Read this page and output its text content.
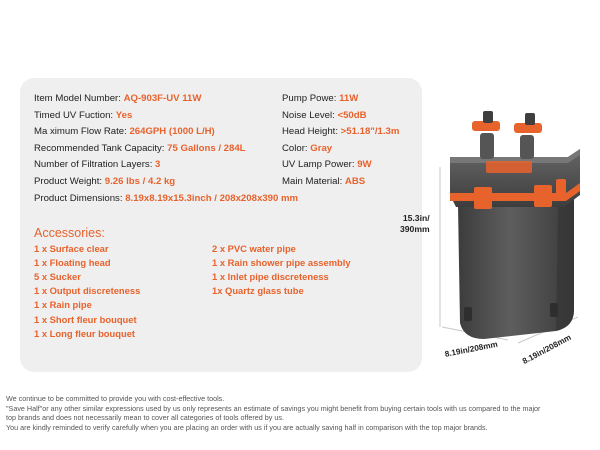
Item Model Number: AQ-903F-UV 11W
Timed UV Fuction: Yes
Ma ximum Flow Rate: 264GPH (1000 L/H)
Recommended Tank Capacity: 75 Gallons / 284L
Number of Filtration Layers: 3
Product Weight: 9.26 lbs / 4.2 kg
Product Dimensions: 8.19x8.19x15.3inch / 208x208x390 mm
Pump Powe: 11W
Noise Level: <50dB
Head Height: >51.18"/1.3m
Color: Gray
UV Lamp Power: 9W
Main Material: ABS
Accessories:
1 x Surface clear
1 x Floating head
5 x Sucker
1 x Output discreteness
1 x Rain pipe
1 x Short fleur bouquet
1 x Long fleur bouquet
2 x PVC water pipe
1 x Rain shower pipe assembly
1 x Inlet pipe discreteness
1x Quartz glass tube
15.3in/
390mm
8.19in/208mm	8.19in/208mm
We continue to be committed to provide you with cost-effective tools.
"Save Half"or any other similar expressions used by us only represents an estimate of savings you might benefit from buying certain tools with us compared to the major
top brands and does not necessarily mean to cover all categories of tools offered by us.
You are kindly reminded to verify carefully when you are placing an order with us if you are actually saving half in comparison with the top major brands.
